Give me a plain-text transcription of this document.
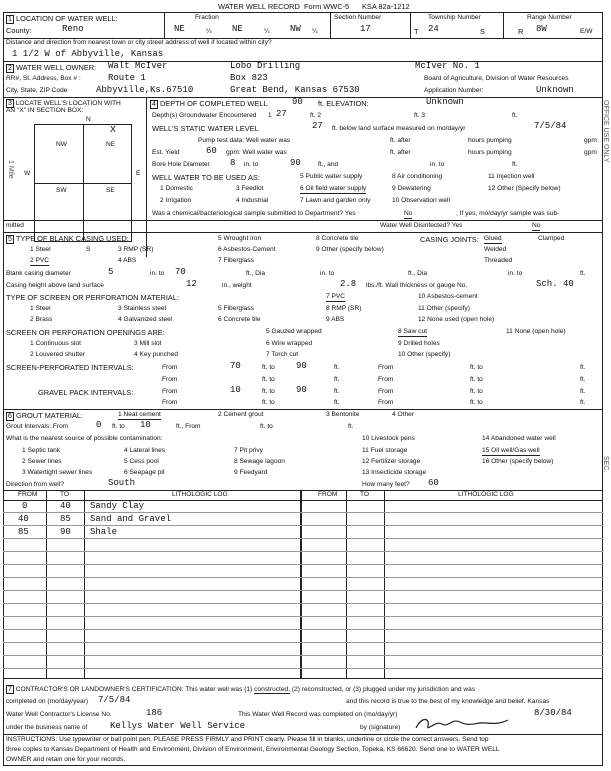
WATER WELL RECORD Form WWC-5 KSA 82a-1212
1 LOCATION OF WATER WELL:	Fraction	Section Number	Township Number	Range Number
County:	Reno	NE	¼ NE	¼ NW ¼	17	T 24	S	R 8W	E/W
Distance and direction from nearest town or city street address of well if located within city?
1 1/2 W of Abbyville, Kansas
2 WATER WELL OWNER: Walt McIver	Lobo Drilling	McIver No. 1
RR#, St. Address, Box # :	Route 1	Box 823	Board of Agriculture, Division of Water Resources
City, State, ZIP Code	Abbyville,Ks.67510	Great Bend, Kansas 67530	Application Number:	Unknown
3 LOCATE WELL'S LOCATION WITH
AN "X" IN SECTION BOX:
N
S
W	E
NW	NE
SW	SE
X
1 Mile
4 DEPTH OF COMPLETED WELL	90 ft. ELEVATION:	Unknown
Depth(s) Groundwater Encountered 1 27	ft. 2	ft. 3	ft.
WELL'S STATIC WATER LEVEL	27 ft. below land surface measured on mo/day/yr	7/5/84
Pump test data: Well water was	ft. after	hours pumping	gpm
Est. Yield	60 gpm: Well water was	ft. after	hours pumping	gpm
Bore Hole Diameter 8 in. to	90	ft., and	in. to	ft.
WELL WATER TO BE USED AS:
1 Domestic
2 Irrigation
3 Feedlot
4 Industrial
5 Public water supply
6 Oil field water supply
7 Lawn and garden only
8 Air conditioning
9 Dewatering
10 Observation well
11 Injection well
12 Other (Specify below)
Was a chemical/bacteriological sample submitted to Department? Yes	No	; If yes, mo/day/yr sample was sub-
mitted	Water Well Disinfected? Yes	No
5 TYPE OF BLANK CASING USED:
1 Steel
2 PVC
3 RMP (SR)
4 ABS
5 Wrought iron
6 Asbestos-Cement
7 Fiberglass
8 Concrete tile
9 Other (specify below)
CASING JOINTS: Glued	Clamped
Welded
Threaded
Blank casing diameter	5	in. to 70	ft., Dia	in. to	ft., Dia	in. to	ft.
Casing height above land surface	12	in., weight	2.8 lbs./ft. Wall thickness or gauge No.	Sch. 40
TYPE OF SCREEN OR PERFORATION MATERIAL:
1 Steel
2 Brass
3 Stainless steel
4 Galvanized steel
5 Fiberglass
6 Concrete tile
7 PVC
8 RMP (SR)
9 ABS
10 Asbestos-cement
11 Other (specify)
12 None used (open hole)
SCREEN OR PERFORATION OPENINGS ARE:
1 Continuous slot
2 Louvered shutter
3 Mill slot
4 Key punched
5 Gauzed wrapped
6 Wire wrapped
7 Torch cut
8 Saw cut
9 Drilled holes
10 Other (specify)
11 None (open hole)
SCREEN-PERFORATED INTERVALS:	From	70	ft. to 90	ft.	From	ft. to	ft.
From	ft. to	ft.	From	ft. to	ft.
GRAVEL PACK INTERVALS:	From	10	ft. to 90	ft.	From	ft. to	ft.
From	ft. to	ft.	From	ft. to	ft.
6 GROUT MATERIAL:	1 Neat cement	2 Cement grout	3 Bentonite	4 Other
Grout Intervals: From	0 ft. to 10	ft., From	ft. to	ft.
What is the nearest source of possible contamination:
1 Septic tank
2 Sewer lines
3 Watertight sewer lines
4 Lateral lines
5 Cess pool
6 Seepage pit
7 Pit privy
8 Sewage lagoon
9 Feedyard
10 Livestock pens
11 Fuel storage
12 Fertilizer storage
13 Insecticide storage
14 Abandoned water well
15 Oil well/Gas well
16 Other (specify below)
Direction from well?	South	How many feet? 60
FROM	TO	LITHOLOGIC LOG	FROM	TO	LITHOLOGIC LOG
0	40 Sandy Clay
40	85 Sand and Gravel
85	90 Shale
7 CONTRACTOR'S OR LANDOWNER'S CERTIFICATION: This water well was (1) constructed, (2) reconstructed, or (3) plugged under my jurisdiction and was
completed on (mo/day/year) 7/5/84	and this record is true to the best of my knowledge and belief. Kansas
Water Well Contractor's License No.	186	This Water Well Record was completed on (mo/day/yr)	8/30/84
under the business name of	Kellys Water Well Service	by (signature)
INSTRUCTIONS: Use typewriter or ball point pen. PLEASE PRESS FIRMLY and PRINT clearly. Please fill in blanks, underline or circle the correct answers. Send top
three copies to Kansas Department of Health and Environment, Division of Environment, Environmental Geology Section, Topeka, KS 66620. Send one to WATER WELL
OWNER and retain one for your records.
OFFICE USE ONLY
SEC.
